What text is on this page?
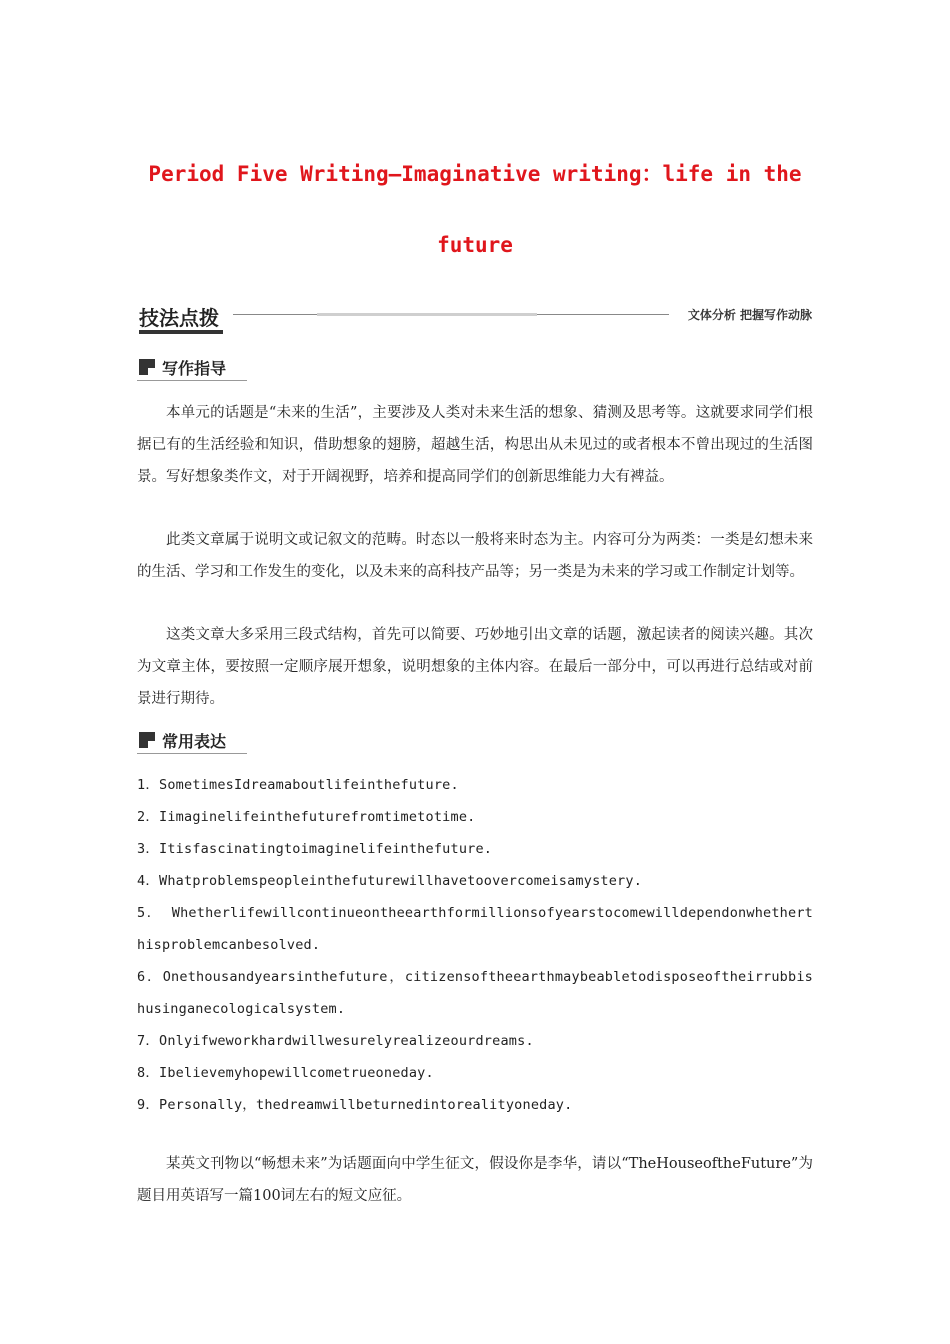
Period Five Writing—Imaginative writing：life in the
future
技法点拨	文体分析 把握写作动脉
写作指导

本单元的话题是“未来的生活”，主要涉及人类对未来生活的想象、猜测及思考等。这就要求同学们根据已有的生活经验和知识，借助想象的翅膀，超越生活，构思出从未见过的或者根本不曾出现过的生活图景。写好想象类作文，对于开阔视野，培养和提高同学们的创新思维能力大有裨益。

此类文章属于说明文或记叙文的范畴。时态以一般将来时态为主。内容可分为两类：一类是幻想未来的生活、学习和工作发生的变化，以及未来的高科技产品等；另一类是为未来的学习或工作制定计划等。

这类文章大多采用三段式结构，首先可以简要、巧妙地引出文章的话题，激起读者的阅读兴趣。其次为文章主体，要按照一定顺序展开想象，说明想象的主体内容。在最后一部分中，可以再进行总结或对前景进行期待。

常用表达
1．SometimesIdreamaboutlifeinthefuture.
2．Iimaginelifeinthefuturefromtimetotime.
3．Itisfascinatingtoimaginelifeinthefuture.
4．Whatproblemspeopleinthefuturewillhavetoovercomeisamystery.
5． Whetherlifewillcontinueontheearthformillionsofyearstocomewilldependonwhetherthisproblemcanbesolved.
6．Onethousandyearsinthefuture，citizensoftheearthmaybeabletodisposeoftheirrubbishusinganecologicalsystem.
7．Onlyifweworkhardwillwesurelyrealizeourdreams.
8．Ibelievemyhopewillcometrueoneday.
9．Personally，thedreamwillbeturnedintorealityoneday.

某英文刊物以“畅想未来”为话题面向中学生征文，假设你是李华，请以“TheHouseoftheFuture”为题目用英语写一篇100词左右的短文应征。
